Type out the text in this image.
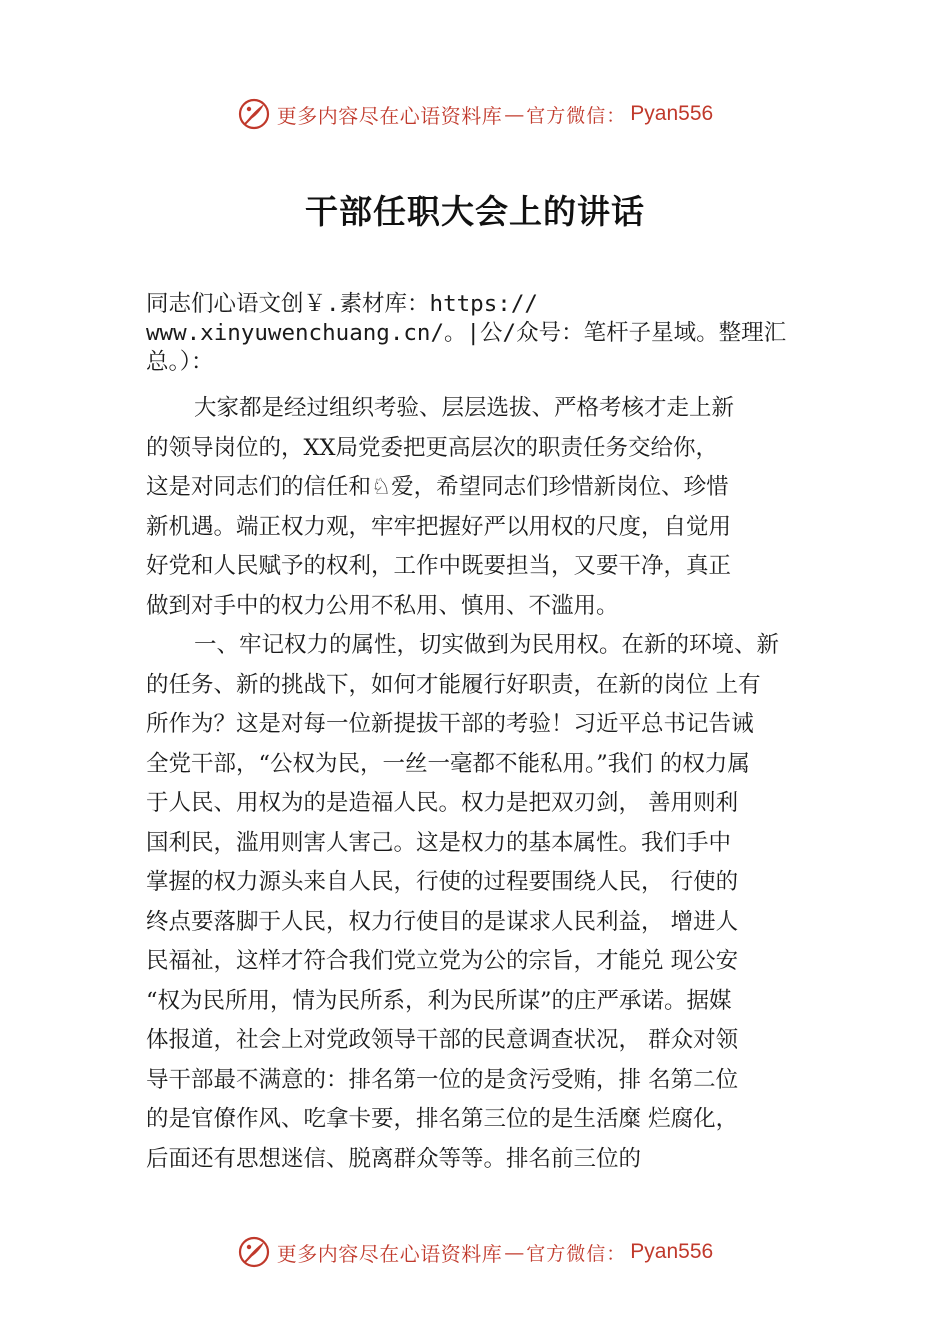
更多内容尽在心语资料库 — 官方微信： Pyan556
干部任职大会上的讲话
同志们心语文创￥.素材库：https://
www.xinyuwenchuang.cn/。|公/众号：笔杆子星域。整理汇
总。）：
大家都是经过组织考验、层层选拔、严格考核才走上新
的领导岗位的，XX局党委把更高层次的职责任务交给你，
这是对同志们的信任和♘爱，希望同志们珍惜新岗位、珍惜
新机遇。端正权力观，牢牢把握好严以用权的尺度，自觉用
好党和人民赋予的权利，工作中既要担当，又要干净，真正
做到对手中的权力公用不私用、慎用、不滥用。
一、牢记权力的属性，切实做到为民用权。在新的环境、新
的任务、新的挑战下，如何才能履行好职责，在新的岗位 上有
所作为？这是对每一位新提拔干部的考验！习近平总书记告诫
全党干部，“公权为民，一丝一毫都不能私用。”我们 的权力属
于人民、用权为的是造福人民。权力是把双刃剑， 善用则利
国利民，滥用则害人害己。这是权力的基本属性。我们手中
掌握的权力源头来自人民，行使的过程要围绕人民， 行使的
终点要落脚于人民，权力行使目的是谋求人民利益， 增进人
民福祉，这样才符合我们党立党为公的宗旨，才能兑 现公安
“权为民所用，情为民所系，利为民所谋”的庄严承诺。据媒
体报道，社会上对党政领导干部的民意调查状况， 群众对领
导干部最不满意的：排名第一位的是贪污受贿，排 名第二位
的是官僚作风、吃拿卡要，排名第三位的是生活糜 烂腐化，
后面还有思想迷信、脱离群众等等。排名前三位的
更多内容尽在心语资料库 — 官方微信： Pyan556
